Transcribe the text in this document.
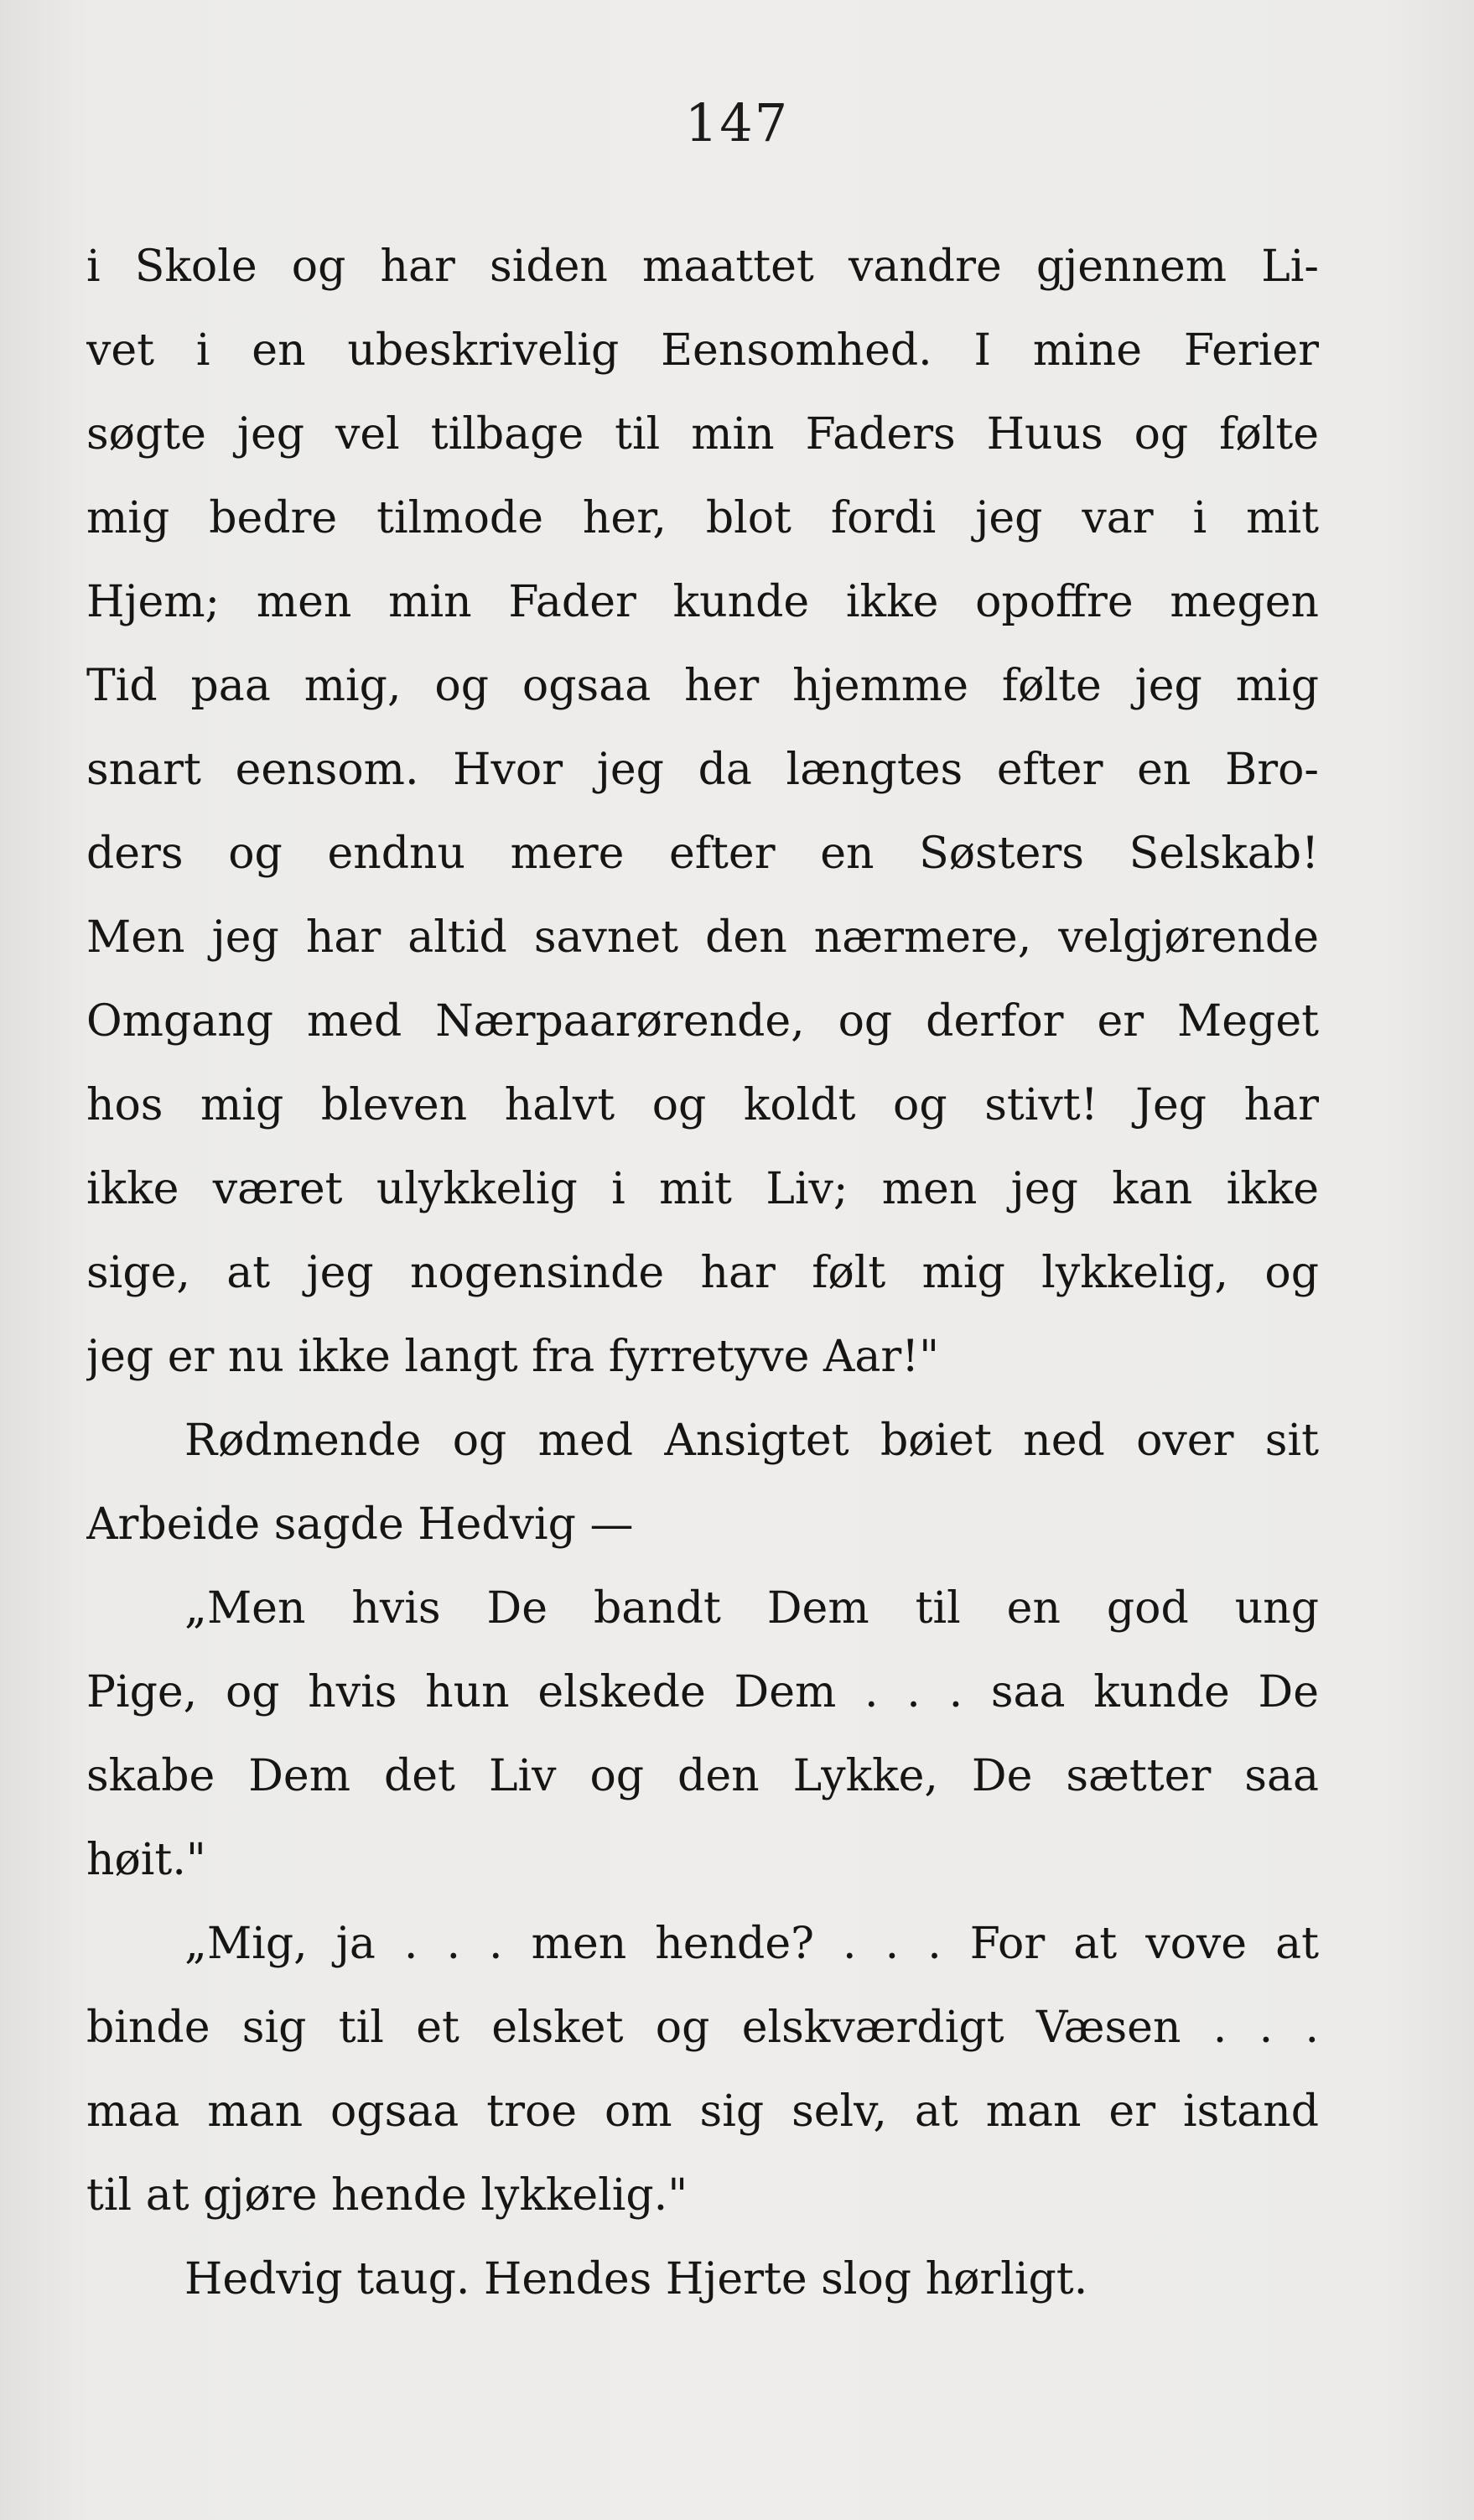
147
i Skole og har siden maattet vandre gjennem Li-
vet i en ubeskrivelig Eensomhed. I mine Ferier
søgte jeg vel tilbage til min Faders Huus og følte
mig bedre tilmode her, blot fordi jeg var i mit
Hjem; men min Fader kunde ikke opoffre megen
Tid paa mig, og ogsaa her hjemme følte jeg mig
snart eensom. Hvor jeg da længtes efter en Bro-
ders og endnu mere efter en Søsters Selskab!
Men jeg har altid savnet den nærmere, velgjørende
Omgang med Nærpaarørende, og derfor er Meget
hos mig bleven halvt og koldt og stivt! Jeg har
ikke været ulykkelig i mit Liv; men jeg kan ikke
sige, at jeg nogensinde har følt mig lykkelig, og
jeg er nu ikke langt fra fyrretyve Aar!"
Rødmende og med Ansigtet bøiet ned over sit
Arbeide sagde Hedvig —
„Men hvis De bandt Dem til en god ung
Pige, og hvis hun elskede Dem . . . saa kunde De
skabe Dem det Liv og den Lykke, De sætter saa
høit."
„Mig, ja . . . men hende? . . . For at vove at
binde sig til et elsket og elskværdigt Væsen . . .
maa man ogsaa troe om sig selv, at man er istand
til at gjøre hende lykkelig."
Hedvig taug. Hendes Hjerte slog hørligt.
